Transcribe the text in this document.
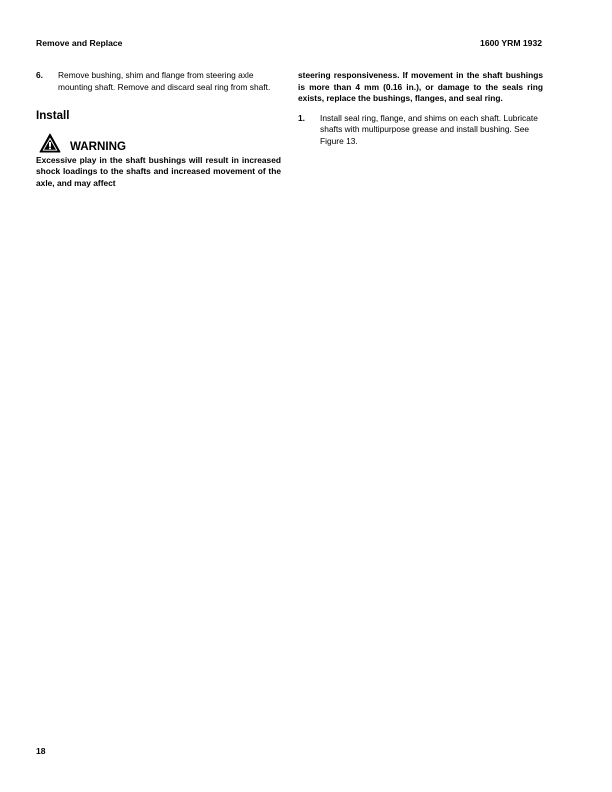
Remove and Replace	1600 YRM 1932
6.	Remove bushing, shim and flange from steering axle mounting shaft. Remove and discard seal ring from shaft.
Install
WARNING
Excessive play in the shaft bushings will result in increased shock loadings to the shafts and increased movement of the axle, and may affect
steering responsiveness. If movement in the shaft bushings is more than 4 mm (0.16 in.), or damage to the seals ring exists, replace the bushings, flanges, and seal ring.
1.	Install seal ring, flange, and shims on each shaft. Lubricate shafts with multipurpose grease and install bushing. See Figure 13.
18
